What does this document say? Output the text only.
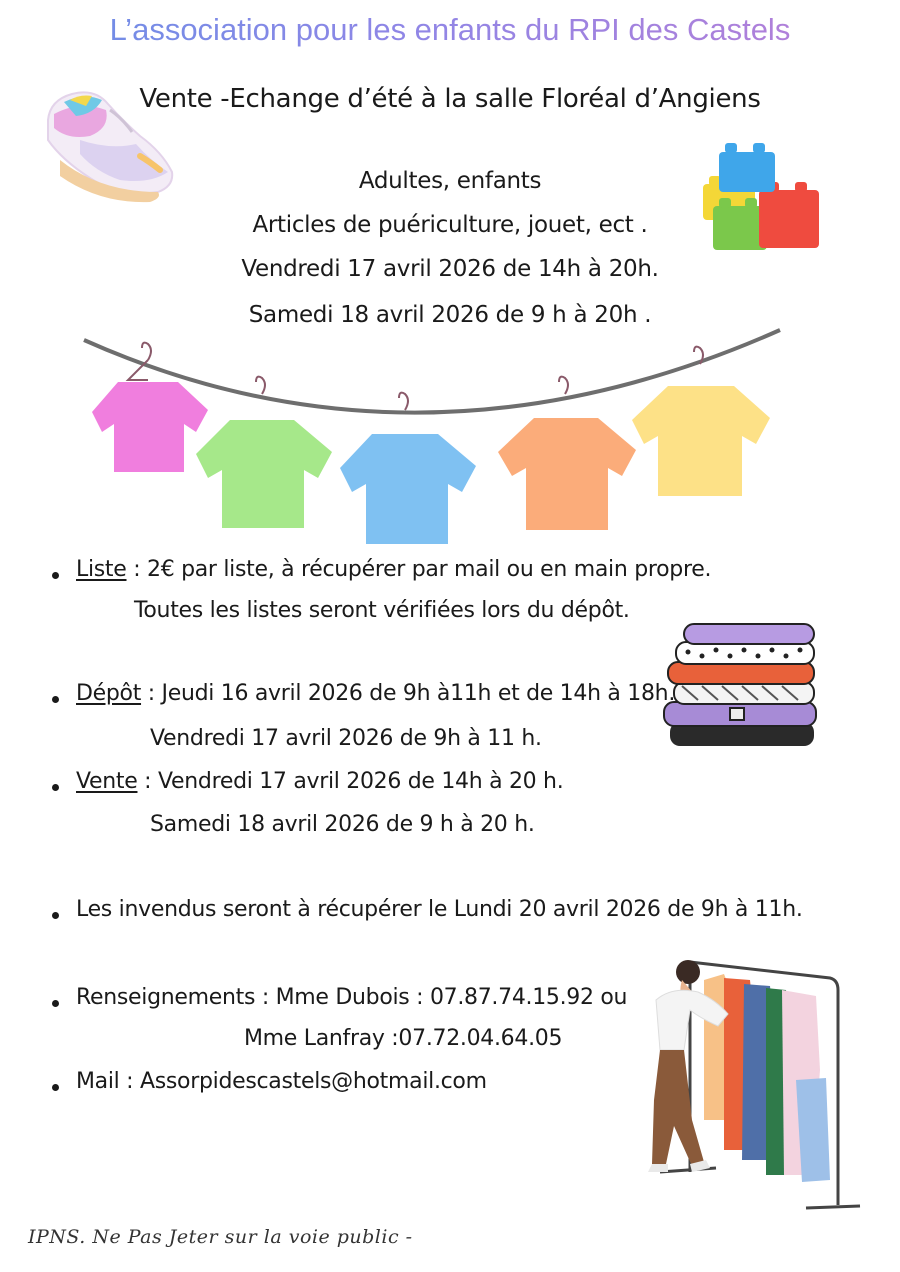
L’association pour les enfants du RPI des Castels
Vente -Echange d’été à la salle Floréal d’Angiens
Adultes, enfants
Articles de puériculture, jouet, ect .
Vendredi 17 avril 2026 de 14h à 20h.
Samedi 18 avril 2026 de 9 h à 20h .
Liste : 2€ par liste, à récupérer par mail ou en main propre.
Toutes les listes seront vérifiées lors du dépôt.
Dépôt : Jeudi 16 avril 2026 de 9h à11h et de 14h à 18h.
Vendredi 17 avril 2026 de 9h à 11 h.
Vente : Vendredi 17 avril 2026 de 14h à 20 h.
Samedi 18 avril 2026 de 9 h à 20 h.
Les invendus seront à récupérer le Lundi 20 avril 2026 de 9h à 11h.
Renseignements : Mme Dubois : 07.87.74.15.92 ou
Mme Lanfray :07.72.04.64.05
Mail : Assorpidescastels@hotmail.com
IPNS. Ne Pas Jeter sur la voie public -
